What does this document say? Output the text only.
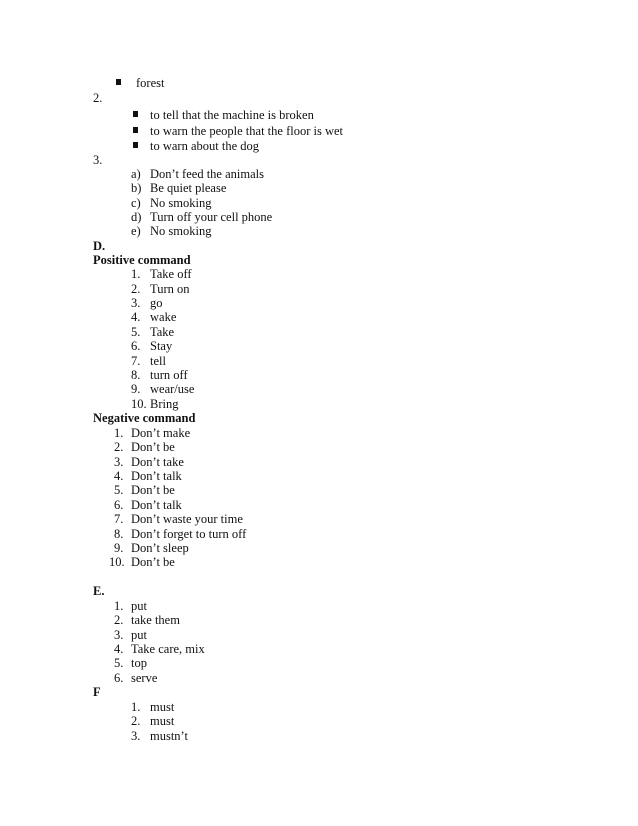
forest
2.
to tell that the machine is broken
to warn the people that the floor is wet
to warn about the dog
3.
a) Don’t feed the animals
b) Be quiet please
c) No smoking
d) Turn off your cell phone
e) No smoking
D.
Positive command
1. Take off
2. Turn on
3. go
4. wake
5. Take
6. Stay
7. tell
8. turn off
9. wear/use
10. Bring
Negative command
1. Don’t make
2. Don’t be
3. Don’t take
4. Don’t talk
5. Don’t be
6. Don’t talk
7. Don’t waste your time
8. Don’t forget to turn off
9. Don’t sleep
10. Don’t be
E.
1. put
2. take them
3. put
4. Take care, mix
5. top
6. serve
F
1. must
2. must
3. mustn’t
